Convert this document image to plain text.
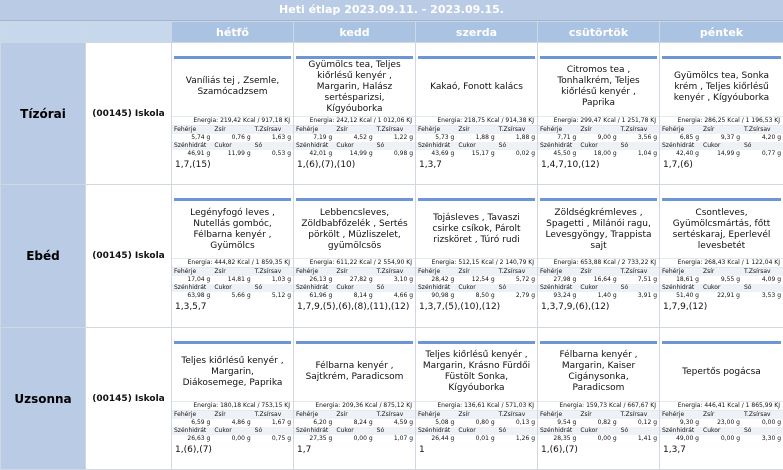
Heti étlap 2023.09.11. - 2023.09.15.
		hétfő	kedd	szerda	csütörtök	péntek
Tízórai	(00145) Iskola	
Vaníliás tej , Zsemle, Szamócadzsem
Energia: 219,42 Kcal / 917,18 KJ
Fehérje	Zsír	T.Zsírsav
5,74 g	0,76 g	1,63 g
Szénhidrát	Cukor	Só
46,91 g	11,99 g	0,53 g
1,7,(15)

Gyümölcs tea, Teljes kiőrlésű kenyér , Margarin, Halász sertésparizsi, Kígyóuborka
Energia: 242,12 Kcal / 1 012,06 KJ
Fehérje	Zsír	T.Zsírsav
7,19 g	4,52 g	1,22 g
Szénhidrát	Cukor	Só
42,01 g	14,99 g	0,98 g
1,(6),(7),(10)

Kakaó, Fonott kalács
Energia: 218,75 Kcal / 914,38 KJ
Fehérje	Zsír	T.Zsírsav
5,73 g	1,88 g	1,88 g
Szénhidrát	Cukor	Só
43,69 g	15,17 g	0,02 g
1,3,7

Citromos tea , Tonhalkrém, Teljes kiőrlésű kenyér , Paprika
Energia: 299,47 Kcal / 1 251,78 KJ
Fehérje	Zsír	T.Zsírsav
7,71 g	9,00 g	3,56 g
Szénhidrát	Cukor	Só
45,50 g	18,00 g	1,04 g
1,4,7,10,(12)

Gyümölcs tea, Sonka krém , Teljes kiőrlésű kenyér , Kígyóuborka
Energia: 286,25 Kcal / 1 196,53 KJ
Fehérje	Zsír	T.Zsírsav
6,85 g	9,37 g	4,20 g
Szénhidrát	Cukor	Só
42,40 g	14,99 g	0,77 g
1,7,(6)

Ebéd	(00145) Iskola	
Legényfogó leves , Nutellás gombóc, Félbarna kenyér , Gyümölcs
Energia: 444,82 Kcal / 1 859,35 KJ
Fehérje	Zsír	T.Zsírsav
17,04 g	14,81 g	1,03 g
Szénhidrát	Cukor	Só
63,98 g	5,66 g	5,12 g
1,3,5,7

Lebbencsleves, Zöldbabfőzelék , Sertés pörkölt , Müzliszelet, gyümölcsös
Energia: 611,22 Kcal / 2 554,90 KJ
Fehérje	Zsír	T.Zsírsav
26,13 g	27,82 g	3,10 g
Szénhidrát	Cukor	Só
61,96 g	8,14 g	4,66 g
1,7,9,(5),(6),(8),(11),(12)

Tojásleves , Tavaszi csirke csíkok, Párolt rizsköret , Túró rudi
Energia: 512,15 Kcal / 2 140,79 KJ
Fehérje	Zsír	T.Zsírsav
28,42 g	12,54 g	5,72 g
Szénhidrát	Cukor	Só
90,98 g	8,50 g	2,79 g
1,3,7,(5),(10),(12)

Zöldségkrémleves , Spagetti , Milánói ragu, Levesgyöngy, Trappista sajt
Energia: 653,88 Kcal / 2 733,22 KJ
Fehérje	Zsír	T.Zsírsav
27,98 g	16,64 g	7,51 g
Szénhidrát	Cukor	Só
93,24 g	1,40 g	3,91 g
1,3,7,9,(6),(12)

Csontleves, Gyümölcsmártás, főtt sertéskaraj, Eperlevél levesbetét
Energia: 268,43 Kcal / 1 122,04 KJ
Fehérje	Zsír	T.Zsírsav
18,61 g	9,55 g	4,09 g
Szénhidrát	Cukor	Só
51,40 g	22,91 g	3,53 g
1,7,9,(12)

Uzsonna	(00145) Iskola	
Teljes kiőrlésű kenyér , Margarin, Diákosemege, Paprika
Energia: 180,18 Kcal / 753,15 KJ
Fehérje	Zsír	T.Zsírsav
6,59 g	4,86 g	1,67 g
Szénhidrát	Cukor	Só
26,63 g	0,00 g	0,75 g
1,(6),(7)

Félbarna kenyér , Sajtkrém, Paradicsom
Energia: 209,36 Kcal / 875,12 KJ
Fehérje	Zsír	T.Zsírsav
6,20 g	8,24 g	4,59 g
Szénhidrát	Cukor	Só
27,35 g	0,00 g	1,07 g
1,7

Teljes kiőrlésű kenyér , Margarin, Krásno Fürdői Füstölt Sonka, Kígyóuborka
Energia: 136,61 Kcal / 571,03 KJ
Fehérje	Zsír	T.Zsírsav
5,08 g	0,80 g	0,13 g
Szénhidrát	Cukor	Só
26,44 g	0,01 g	1,26 g
1

Félbarna kenyér , Margarin, Kaiser Cigánysonka, Paradicsom
Energia: 159,73 Kcal / 667,67 KJ
Fehérje	Zsír	T.Zsírsav
9,54 g	0,82 g	0,12 g
Szénhidrát	Cukor	Só
28,35 g	0,00 g	1,41 g
1,(6),(7)

Tepertős pogácsa
Energia: 446,41 Kcal / 1 865,99 KJ
Fehérje	Zsír	T.Zsírsav
9,30 g	23,00 g	0,00 g
Szénhidrát	Cukor	Só
49,00 g	0,00 g	3,30 g
1,3,7
